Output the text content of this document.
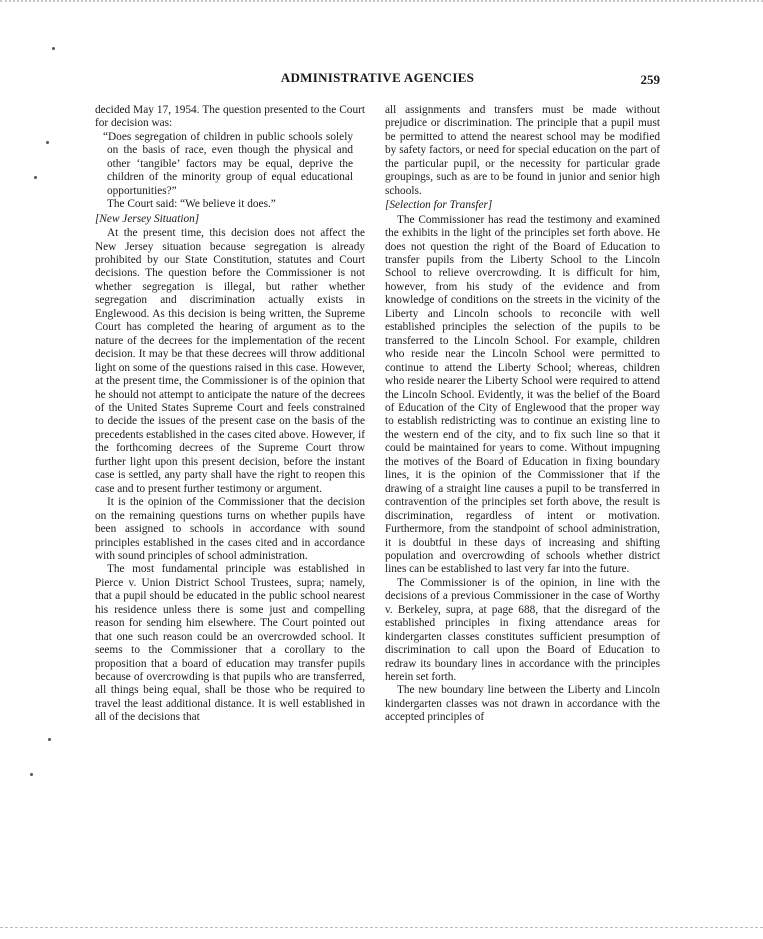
ADMINISTRATIVE AGENCIES	259

decided May 17, 1954. The question presented to the Court for decision was:

“Does segregation of children in public schools solely on the basis of race, even though the physical and other ‘tangible’ factors may be equal, deprive the children of the minority group of equal educational opportunities?”

The Court said: “We believe it does.”

[New Jersey Situation]

At the present time, this decision does not affect the New Jersey situation because segregation is already prohibited by our State Constitution, statutes and Court decisions. The question before the Commissioner is not whether segregation is illegal, but rather whether segregation and discrimination actually exists in Englewood. As this decision is being written, the Supreme Court has completed the hearing of argument as to the nature of the decrees for the implementation of the recent decision. It may be that these decrees will throw additional light on some of the questions raised in this case. However, at the present time, the Commissioner is of the opinion that he should not attempt to anticipate the nature of the decrees of the United States Supreme Court and feels constrained to decide the issues of the present case on the basis of the precedents established in the cases cited above. However, if the forthcoming decrees of the Supreme Court throw further light upon this present decision, before the instant case is settled, any party shall have the right to reopen this case and to present further testimony or argument.

It is the opinion of the Commissioner that the decision on the remaining questions turns on whether pupils have been assigned to schools in accordance with sound principles established in the cases cited and in accordance with sound principles of school administration.

The most fundamental principle was established in Pierce v. Union District School Trustees, supra; namely, that a pupil should be educated in the public school nearest his residence unless there is some just and compelling reason for sending him elsewhere. The Court pointed out that one such reason could be an overcrowded school. It seems to the Commissioner that a corollary to the proposition that a board of education may transfer pupils because of overcrowding is that pupils who are transferred, all things being equal, shall be those who be required to travel the least additional distance. It is well established in all of the decisions that

all assignments and transfers must be made without prejudice or discrimination. The principle that a pupil must be permitted to attend the nearest school may be modified by safety factors, or need for special education on the part of the particular pupil, or the necessity for particular grade groupings, such as are to be found in junior and senior high schools.

[Selection for Transfer]

The Commissioner has read the testimony and examined the exhibits in the light of the principles set forth above. He does not question the right of the Board of Education to transfer pupils from the Liberty School to the Lincoln School to relieve overcrowding. It is difficult for him, however, from his study of the evidence and from knowledge of conditions on the streets in the vicinity of the Liberty and Lincoln schools to reconcile with well established principles the selection of the pupils to be transferred to the Lincoln School. For example, children who reside near the Lincoln School were permitted to continue to attend the Liberty School; whereas, children who reside nearer the Liberty School were required to attend the Lincoln School. Evidently, it was the belief of the Board of Education of the City of Englewood that the proper way to establish redistricting was to continue an existing line to the western end of the city, and to fix such line so that it could be maintained for years to come. Without impugning the motives of the Board of Education in fixing boundary lines, it is the opinion of the Commissioner that if the drawing of a straight line causes a pupil to be transferred in contravention of the principles set forth above, the result is discrimination, regardless of intent or motivation. Furthermore, from the standpoint of school administration, it is doubtful in these days of increasing and shifting population and overcrowding of schools whether district lines can be established to last very far into the future.

The Commissioner is of the opinion, in line with the decisions of a previous Commissioner in the case of Worthy v. Berkeley, supra, at page 688, that the disregard of the established principles in fixing attendance areas for kindergarten classes constitutes sufficient presumption of discrimination to call upon the Board of Education to redraw its boundary lines in accordance with the principles herein set forth.

The new boundary line between the Liberty and Lincoln kindergarten classes was not drawn in accordance with the accepted principles of
